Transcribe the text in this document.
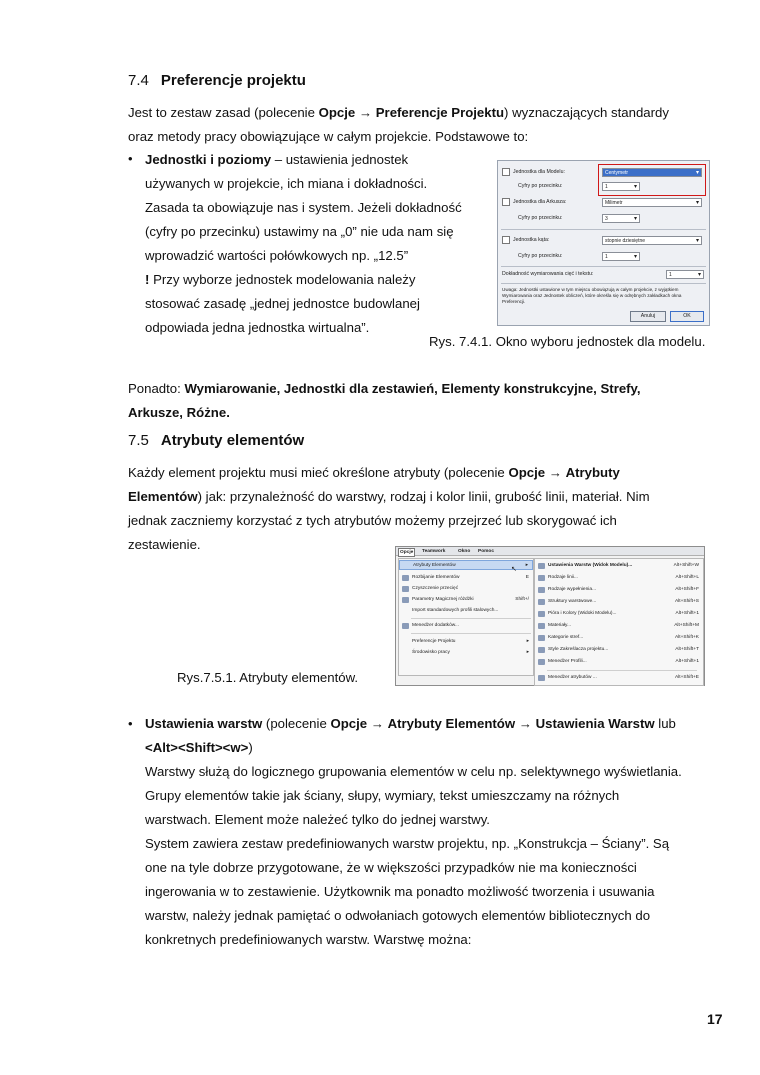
7.4 Preferencje projektu
Jest to zestaw zasad (polecenie Opcje → Preferencje Projektu) wyznaczających standardy
oraz metody pracy obowiązujące w całym projekcie. Podstawowe to:
• Jednostki i poziomy – ustawienia jednostek
używanych w projekcie, ich miana i dokładności.
Zasada ta obowiązuje nas i system. Jeżeli dokładność
(cyfry po przecinku) ustawimy na „0” nie uda nam się
wprowadzić wartości połówkowych np. „12.5”
! Przy wyborze jednostek modelowania należy
stosować zasadę „jednej jednostce budowlanej
odpowiada jedna jednostka wirtualna”.
Jednostka dla Modelu:	Centymetr ▾
Cyfry po przecinku:	1 ▾
Jednostka dla Arkusza:	Milimetr ▾
Cyfry po przecinku:	3 ▾
Jednostka kąta:	stopnie dziesiętne ▾
Cyfry po przecinku:	1 ▾
Dokładność wymiarowania cięć i tekstu:	1 ▾
Uwaga: Jednostki ustawione w tym miejscu obowiązują w całym projekcie, z wyjątkiem Wymiarowania oraz Jednostek obliczeń, które określa się w odrębnych zakładkach okna Preferencji.
Anuluj	OK
Rys. 7.4.1. Okno wyboru jednostek dla modelu.
Ponadto: Wymiarowanie, Jednostki dla zestawień, Elementy konstrukcyjne, Strefy,
Arkusze, Różne.
7.5 Atrybuty elementów
Każdy element projektu musi mieć określone atrybuty (polecenie Opcje → Atrybuty
Elementów) jak: przynależność do warstwy, rodzaj i kolor linii, grubość linii, materiał. Nim
jednak zaczniemy korzystać z tych atrybutów możemy przejrzeć lub skorygować ich
zestawienie.
Opcje	Teamwork	Okno Pomoc
Atrybuty Elementów	▸
Rozbijanie Elementów	E
Czyszczenie przecięć
Parametry Magicznej różdżki	Shift+/
Import standardowych profili stalowych...
Menedżer dodatków...
Preferencje Projektu	▸
Środowisko pracy	▸
↖
Ustawienia Warstw (Widok Modelu)...	Alt+Shift+W
Rodzaje linii...	Alt+Shift+L
Rodzaje wypełnienia...	Alt+Shift+F
Struktury warstwowe...	Alt+Shift+S
Pióra i Kolory (Widoki Modelu)...	Alt+Shift+1
Materiały...	Alt+Shift+M
Kategorie stref...	Alt+Shift+K
Style Zakreślacza projektu...	Alt+Shift+T
Menedżer Profili...	Alt+Shift+1
Menedżer atrybutów ...	Alt+Shift+E
Rys.7.5.1. Atrybuty elementów.
• Ustawienia warstw (polecenie Opcje → Atrybuty Elementów → Ustawienia Warstw lub
<Alt><Shift><w>)
Warstwy służą do logicznego grupowania elementów w celu np. selektywnego wyświetlania.
Grupy elementów takie jak ściany, słupy, wymiary, tekst umieszczamy na różnych
warstwach. Element może należeć tylko do jednej warstwy.
System zawiera zestaw predefiniowanych warstw projektu, np. „Konstrukcja – Ściany”. Są
one na tyle dobrze przygotowane, że w większości przypadków nie ma konieczności
ingerowania w to zestawienie. Użytkownik ma ponadto możliwość tworzenia i usuwania
warstw, należy jednak pamiętać o odwołaniach gotowych elementów bibliotecznych do
konkretnych predefiniowanych warstw. Warstwę można:
17
